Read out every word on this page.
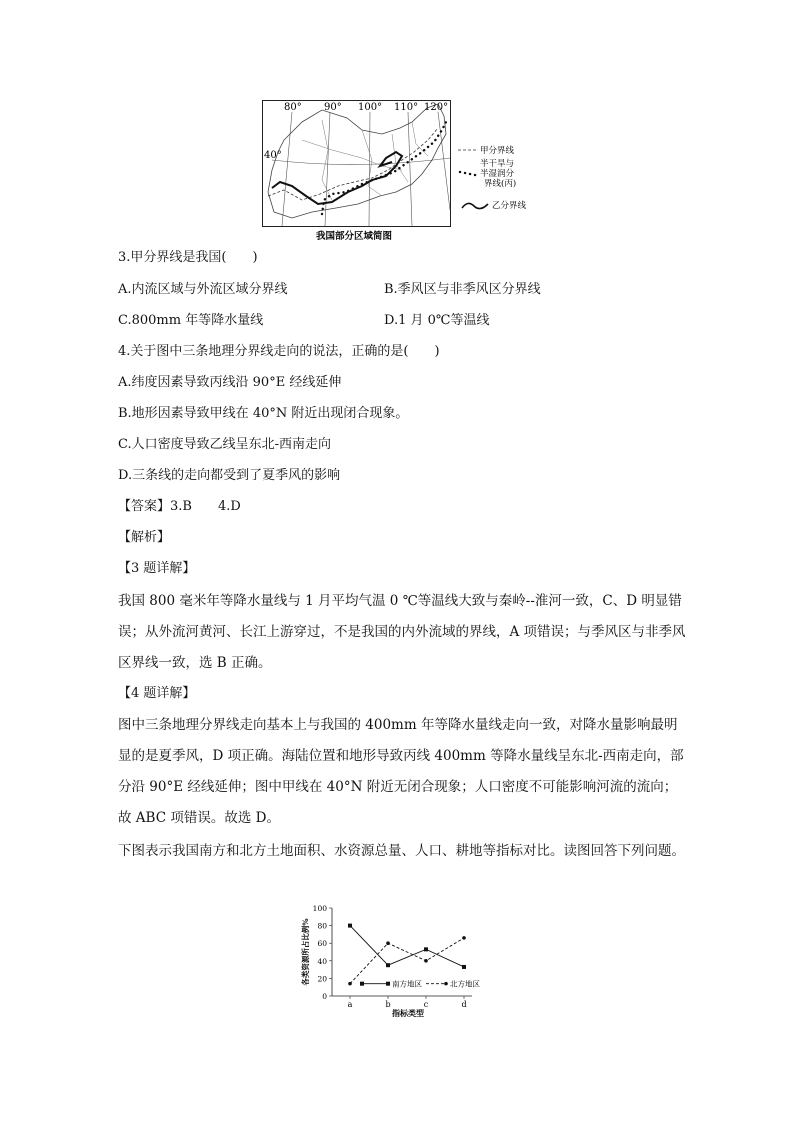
80° 90° 100° 110° 120°
40°	甲分界线
半干旱与
半湿润分
界线(丙)
乙分界线
我国部分区域简图
3.甲分界线是我国(　　)
A.内流区域与外流区域分界线	B.季风区与非季风区分界线
C.800mm 年等降水量线	D.1 月 0℃等温线
4.关于图中三条地理分界线走向的说法，正确的是(　　)
A.纬度因素导致丙线沿 90°E 经线延伸
B.地形因素导致甲线在 40°N 附近出现闭合现象。
C.人口密度导致乙线呈东北-西南走向
D.三条线的走向都受到了夏季风的影响
【答案】3.B　　4.D
【解析】
【3 题详解】
我国 800 毫米年等降水量线与 1 月平均气温 0 ℃等温线大致与秦岭--淮河一致，C、D 明显错误；从外流河黄河、长江上游穿过，不是我国的内外流域的界线，A 项错误；与季风区与非季风区界线一致，选 B 正确。
【4 题详解】
图中三条地理分界线走向基本上与我国的 400mm 年等降水量线走向一致，对降水量影响最明显的是夏季风，D 项正确。海陆位置和地形导致丙线 400mm 等降水量线呈东北-西南走向，部分沿 90°E 经线延伸；图中甲线在 40°N 附近无闭合现象；人口密度不可能影响河流的流向；故 ABC 项错误。故选 D。
下图表示我国南方和北方土地面积、水资源总量、人口、耕地等指标对比。读图回答下列问题。
0
20
40
60
80
100
a	b	c	d
指标类型
各类资源所占比例%	南方地区	北方地区
